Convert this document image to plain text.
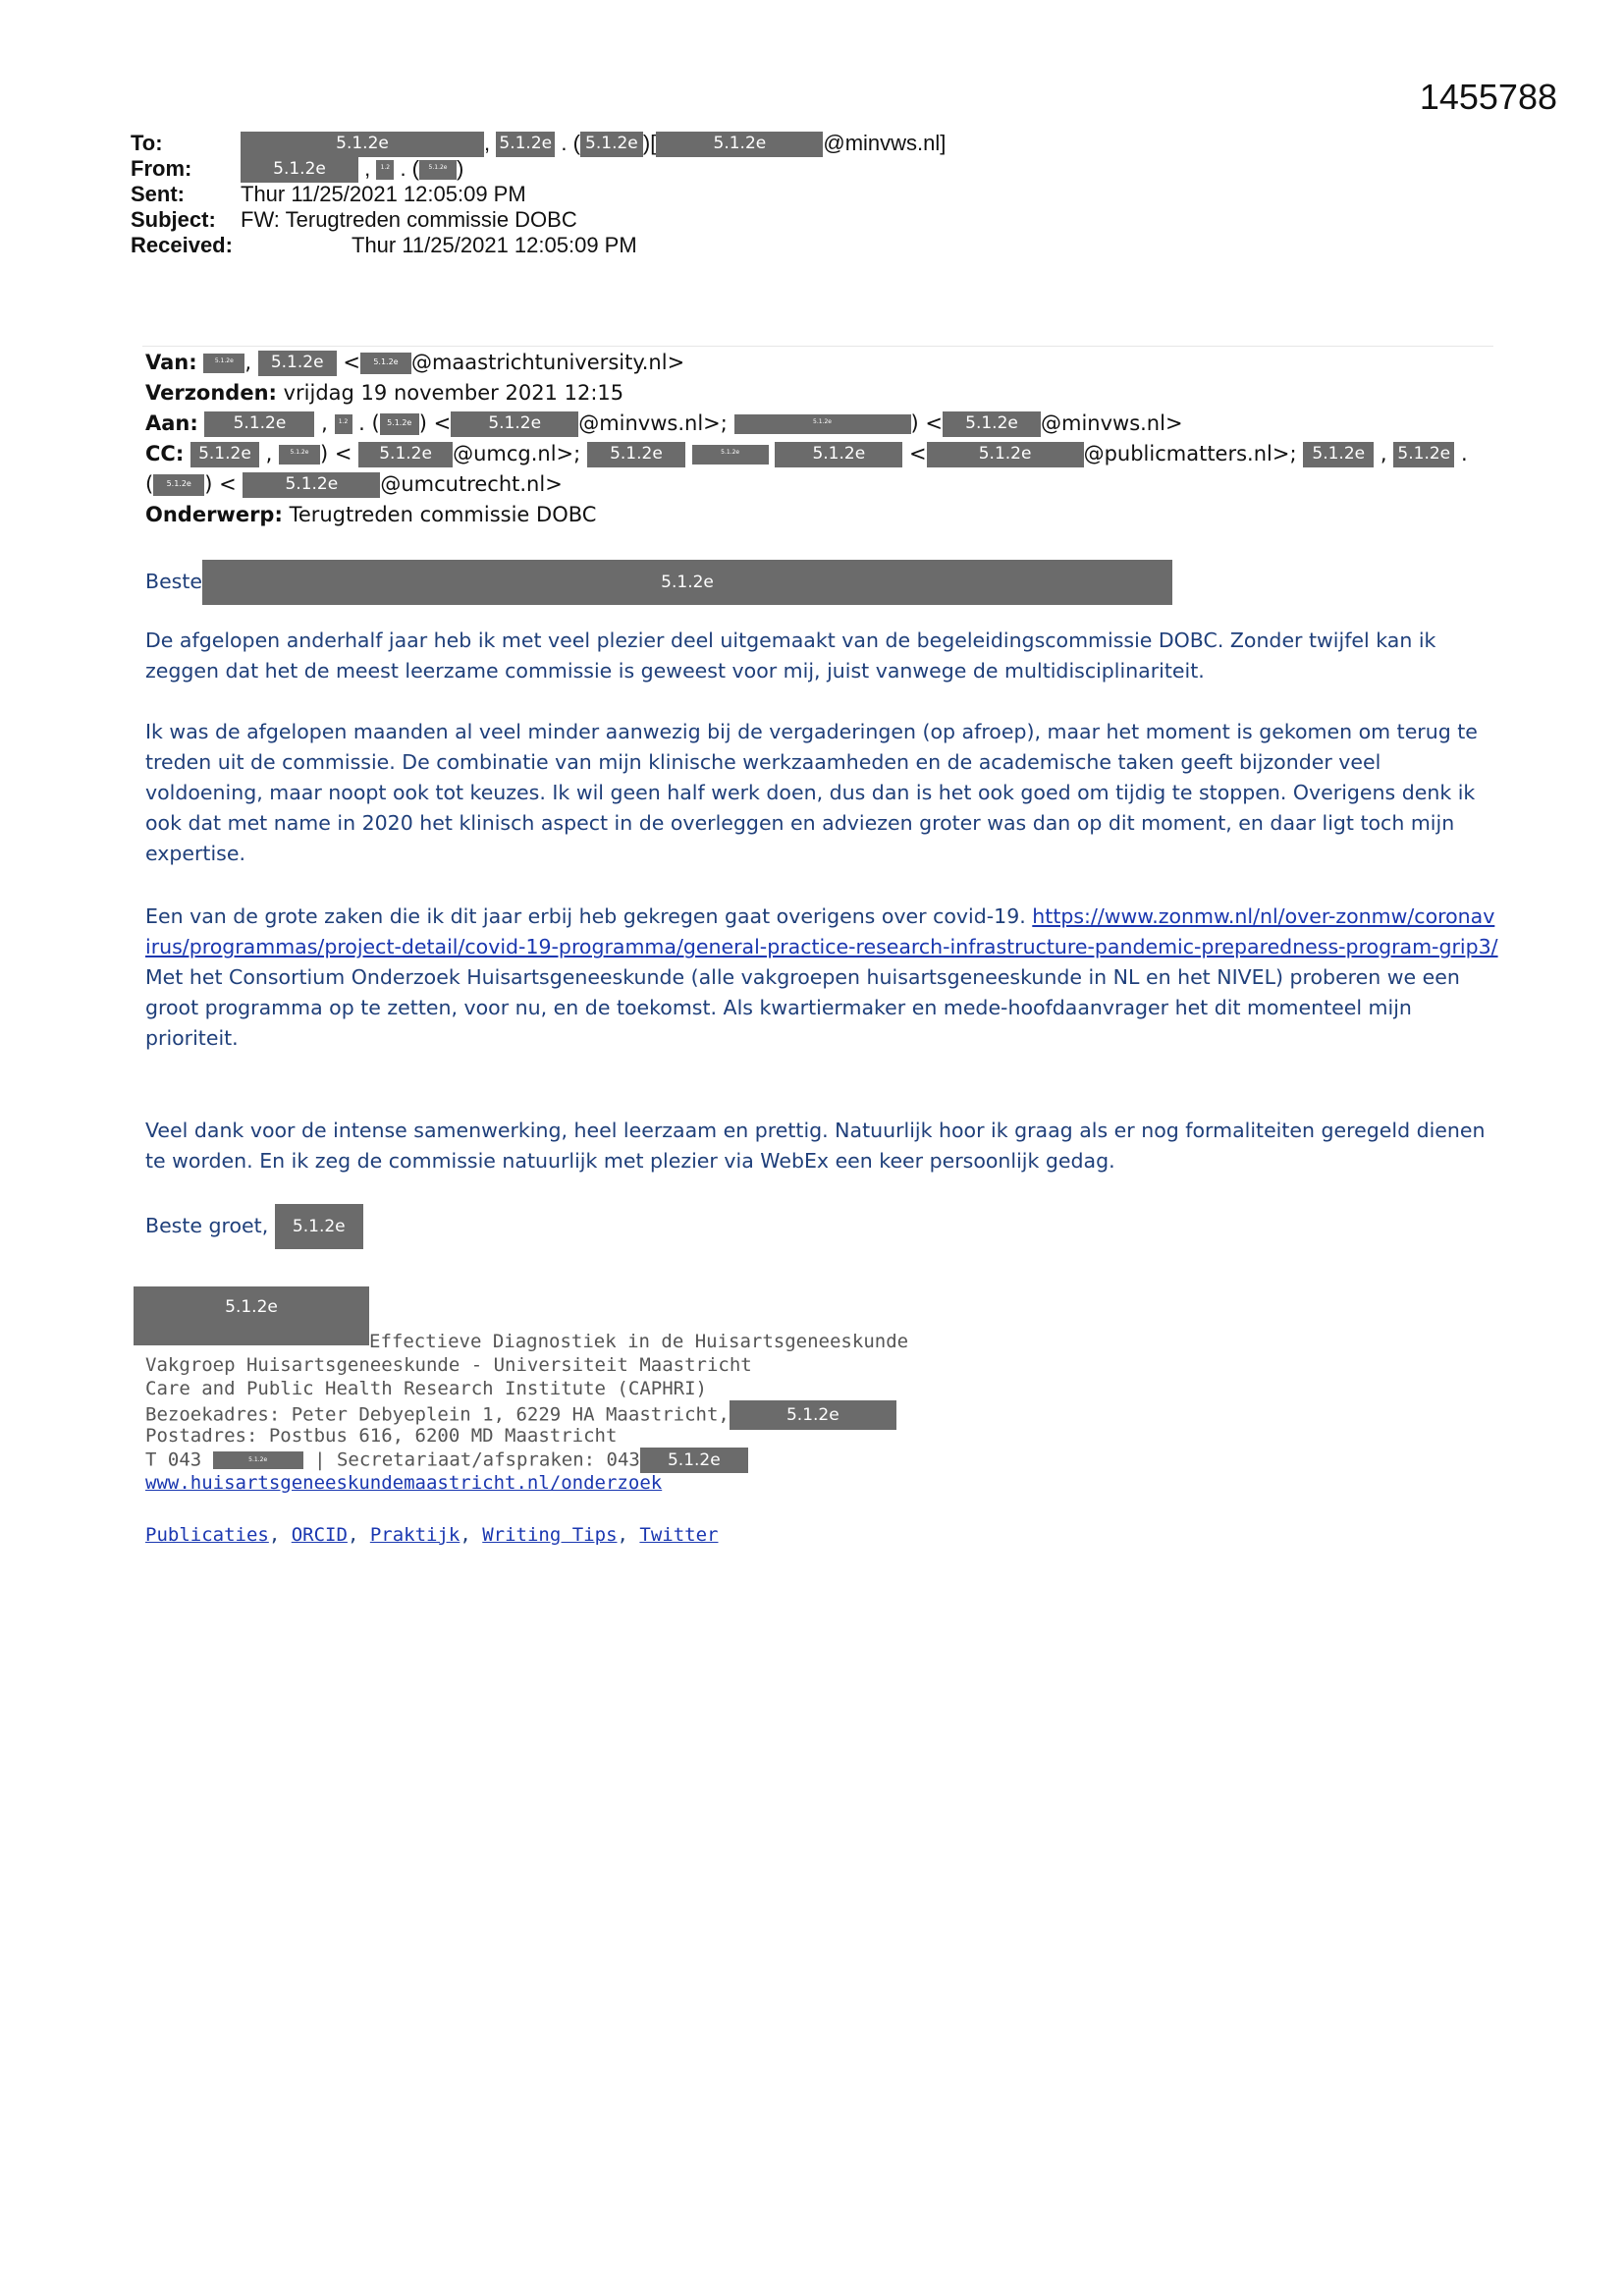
1455788
To:	5.1.2e	, 5.1.2e . ( 5.1.2e )[	5.1.2e	@minvws.nl]
From:	5.1.2e , 1.2 . ( 5.1.2e )
Sent:	Thur 11/25/2021 12:05:09 PM
Subject: FW: Terugtreden commissie DOBC
Received:	Thur 11/25/2021 12:05:09 PM
Van:	5.1.2e , 5.1.2e < 5.1.2e @maastrichtuniversity.nl>
Verzonden: vrijdag 19 november 2021 12:15
Aan: 5.1.2e , 1.2 . ( 5.1.2e ) < 5.1.2e @minvws.nl>;	5.1.2e	) < 5.1.2e @minvws.nl>
CC: 5.1.2e , 5.1.2e ) < 5.1.2e @umcg.nl>; 5.1.2e	5.1.2e	5.1.2e <	5.1.2e	@publicmatters.nl>; 5.1.2e , 5.1.2e .
( 5.1.2e ) <	5.1.2e @umcutrecht.nl>
Onderwerp: Terugtreden commissie DOBC
Beste	5.1.2e
De afgelopen anderhalf jaar heb ik met veel plezier deel uitgemaakt van de begeleidingscommissie DOBC. Zonder twijfel kan ik zeggen dat het de meest leerzame commissie is geweest voor mij, juist vanwege de multidisciplinariteit.
Ik was de afgelopen maanden al veel minder aanwezig bij de vergaderingen (op afroep), maar het moment is gekomen om terug te treden uit de commissie. De combinatie van mijn klinische werkzaamheden en de academische taken geeft bijzonder veel voldoening, maar noopt ook tot keuzes. Ik wil geen half werk doen, dus dan is het ook goed om tijdig te stoppen. Overigens denk ik ook dat met name in 2020 het klinisch aspect in de overleggen en adviezen groter was dan op dit moment, en daar ligt toch mijn expertise.
Een van de grote zaken die ik dit jaar erbij heb gekregen gaat overigens over covid-19. https://www.zonmw.nl/nl/over-zonmw/coronavirus/programmas/project-detail/covid-19-programma/general-practice-research-infrastructure-pandemic-preparedness-program-grip3/
Met het Consortium Onderzoek Huisartsgeneeskunde (alle vakgroepen huisartsgeneeskunde in NL en het NIVEL) proberen we een groot programma op te zetten, voor nu, en de toekomst. Als kwartiermaker en mede-hoofdaanvrager het dit momenteel mijn prioriteit.
Veel dank voor de intense samenwerking, heel leerzaam en prettig. Natuurlijk hoor ik graag als er nog formaliteiten geregeld dienen te worden. En ik zeg de commissie natuurlijk met plezier via WebEx een keer persoonlijk gedag.
Beste groet, 5.1.2e
5.1.2e
Effectieve Diagnostiek in de Huisartsgeneeskunde
Vakgroep Huisartsgeneeskunde - Universiteit Maastricht
Care and Public Health Research Institute (CAPHRI)
Bezoekadres: Peter Debyeplein 1, 6229 HA Maastricht,	5.1.2e
Postadres: Postbus 616, 6200 MD Maastricht
T 043	5.1.2e | Secretariaat/afspraken: 043 5.1.2e
www.huisartsgeneeskundemaastricht.nl/onderzoek
Publicaties, ORCID, Praktijk, Writing Tips, Twitter
